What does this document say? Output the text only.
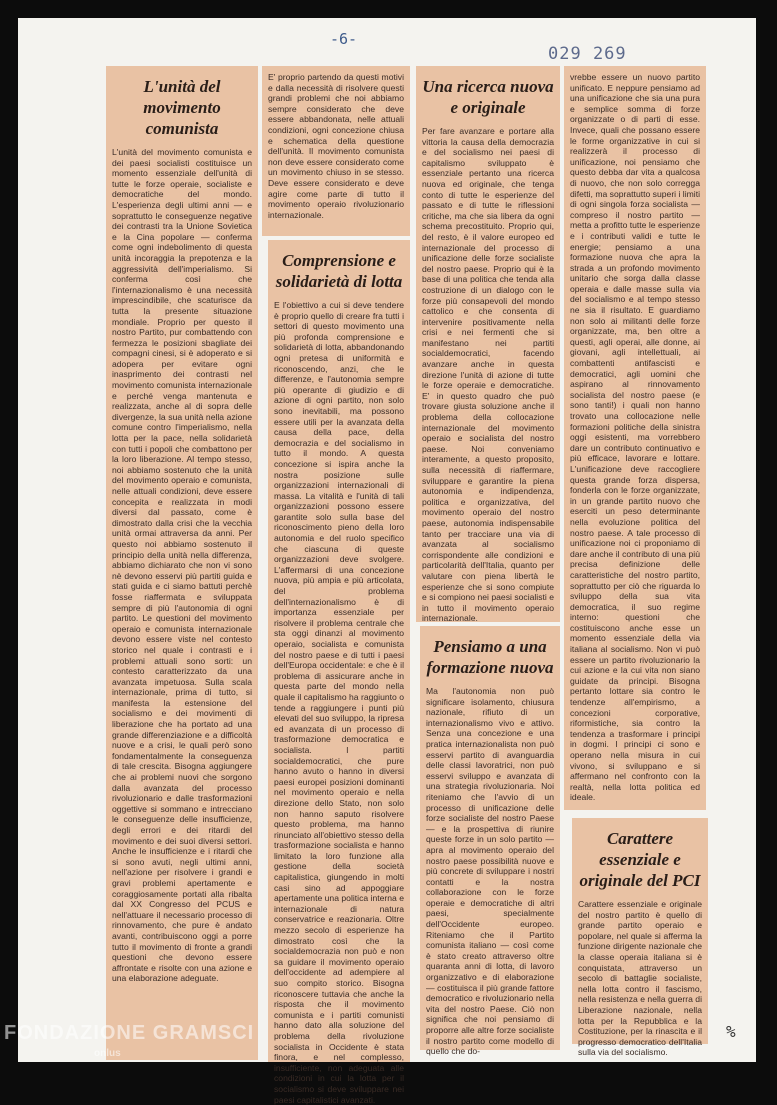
-6-
029 269
%
L'unità del movimento comunista
L'unità del movimento comunista e dei paesi socialisti costituisce un momento essenziale dell'unità di tutte le forze operaie, socialiste e democratiche del mondo. L'esperienza degli ultimi anni — e soprattutto le conseguenze negative dei contrasti tra la Unione Sovietica e la Cina popolare — conferma come ogni indebolimento di questa unità incoraggia la prepotenza e la aggressività dell'imperialismo. Si conferma così che l'internazionalismo è una necessità imprescindibile, che scaturisce da tutta la presente situazione mondiale. Proprio per questo il nostro Partito, pur combattendo con fermezza le posizioni sbagliate dei compagni cinesi, si è adoperato e si adopera per evitare ogni inasprimento dei contrasti nel movimento comunista internazionale e perché venga mantenuta e realizzata, anche al di sopra delle divergenze, la sua unità nella azione comune contro l'imperialismo, nella lotta per la pace, nella solidarietà con tutti i popoli che combattono per la loro liberazione. Al tempo stesso, noi abbiamo sostenuto che la unità del movimento operaio e comunista, nelle attuali condizioni, deve essere concepita e realizzata in modi diversi dal passato, come è dimostrato dalla crisi che la vecchia unità ormai attraversa da anni. Per questo noi abbiamo sostenuto il principio della unità nella differenza, abbiamo dichiarato che non vi sono nè devono esservi più partiti guida e stati guida e ci siamo battuti perchè fosse riaffermata e sviluppata sempre di più l'autonomia di ogni partito. Le questioni del movimento operaio e comunista internazionale devono essere viste nel contesto storico nel quale i contrasti e i problemi attuali sono sorti: un contesto caratterizzato da una avanzata impetuosa. Sulla scala internazionale, prima di tutto, si manifesta la estensione del socialismo e dei movimenti di liberazione che ha portato ad una grande differenziazione e a difficoltà nuove e a crisi, le quali però sono fondamentalmente la conseguenza di tale crescita. Bisogna aggiungere che ai problemi nuovi che sorgono dalla avanzata del processo rivoluzionario e dalle trasformazioni oggettive si sommano e intrecciano le conseguenze delle insufficienze, degli errori e dei ritardi del movimento e dei suoi diversi settori. Anche le insufficienze e i ritardi che si sono avuti, negli ultimi anni, nell'azione per risolvere i grandi e gravi problemi apertamente e coraggiosamente portati alla ribalta dal XX Congresso del PCUS e nell'attuare il necessario processo di rinnovamento, che pure è andato avanti, contribuiscono oggi a porre tutto il movimento di fronte a grandi questioni che devono essere affrontate e risolte con una azione e una elaborazione adeguate.
E' proprio partendo da questi motivi e dalla necessità di risolvere questi grandi problemi che noi abbiamo sempre considerato che deve essere abbandonata, nelle attuali condizioni, ogni concezione chiusa e schematica della questione dell'unità. Il movimento comunista non deve essere considerato come un movimento chiuso in se stesso. Deve essere considerato e deve agire come parte di tutto il movimento operaio rivoluzionario internazionale.
Comprensione e solidarietà di lotta
E l'obiettivo a cui si deve tendere è proprio quello di creare fra tutti i settori di questo movimento una più profonda comprensione e solidarietà di lotta, abbandonando ogni pretesa di uniformità e riconoscendo, anzi, che le differenze, e l'autonomia sempre più operante di giudizio e di azione di ogni partito, non solo sono inevitabili, ma possono essere utili per la avanzata della causa della pace, della democrazia e del socialismo in tutto il mondo. A questa concezione si ispira anche la nostra posizione sulle organizzazioni internazionali di massa. La vitalità e l'unità di tali organizzazioni possono essere garantite solo sulla base del riconoscimento pieno della loro autonomia e del ruolo specifico che ciascuna di queste organizzazioni deve svolgere. L'affermarsi di una concezione nuova, più ampia e più articolata, del problema dell'internazionalismo è di importanza essenziale per risolvere il problema centrale che sta oggi dinanzi al movimento operaio, socialista e comunista del nostro paese e di tutti i paesi dell'Europa occidentale: e che è il problema di assicurare anche in questa parte del mondo nella quale il capitalismo ha raggiunto o tende a raggiungere i punti più elevati del suo sviluppo, la ripresa ed avanzata di un processo di trasformazione democratica e socialista. I partiti socialdemocratici, che pure hanno avuto o hanno in diversi paesi europei posizioni dominanti nel movimento operaio e nella direzione dello Stato, non solo non hanno saputo risolvere questo problema, ma hanno rinunciato all'obiettivo stesso della trasformazione socialista e hanno limitato la loro funzione alla gestione della società capitalistica, giungendo in molti casi sino ad appoggiare apertamente una politica interna e internazionale di natura conservatrice e reazionaria. Oltre mezzo secolo di esperienze ha dimostrato così che la socialdemocrazia non può e non sa guidare il movimento operaio dell'occidente ad adempiere al suo compito storico. Bisogna riconoscere tuttavia che anche la risposta che il movimento comunista e i partiti comunisti hanno dato alla soluzione del problema della rivoluzione socialista in Occidente è stata finora, e nel complesso, insufficiente, non adeguata alle condizioni in cui la lotta per il socialismo si deve sviluppare nei paesi capitalistici avanzati.
Una ricerca nuova e originale
Per fare avanzare e portare alla vittoria la causa della democrazia e del socialismo nei paesi di capitalismo sviluppato è essenziale pertanto una ricerca nuova ed originale, che tenga conto di tutte le esperienze del passato e di tutte le riflessioni critiche, ma che sia libera da ogni schema precostituito. Proprio qui, del resto, è il valore europeo ed internazionale del processo di unificazione delle forze socialiste del nostro paese. Proprio qui è la base di una politica che tenda alla costruzione di un dialogo con le forze più consapevoli del mondo cattolico e che consenta di intervenire positivamente nella crisi e nei fermenti che si manifestano nei partiti socialdemocratici, facendo avanzare anche in questa direzione l'unità di azione di tutte le forze operaie e democratiche. E' in questo quadro che può trovare giusta soluzione anche il problema della collocazione internazionale del movimento operaio e socialista del nostro paese. Noi conveniamo interamente, a questo proposito, sulla necessità di riaffermare, sviluppare e garantire la piena autonomia e indipendenza, politica e organizzativa, del movimento operaio del nostro paese, autonomia indispensabile tanto per tracciare una via di avanzata al socialismo corrispondente alle condizioni e particolarità dell'Italia, quanto per valutare con piena libertà le esperienze che si sono compiute e si compiono nei paesi socialisti e in tutto il movimento operaio internazionale.
Pensiamo a una formazione nuova
Ma l'autonomia non può significare isolamento, chiusura nazionale, rifiuto di un internazionalismo vivo e attivo. Senza una concezione e una pratica internazionalista non può esservi partito di avanguardia delle classi lavoratrici, non può esservi sviluppo e avanzata di una strategia rivoluzionaria. Noi riteniamo che l'avvio di un processo di unificazione delle forze socialiste del nostro Paese — e la prospettiva di riunire queste forze in un solo partito — apra al movimento operaio del nostro paese possibilità nuove e più concrete di sviluppare i nostri contatti e la nostra collaborazione con le forze operaie e democratiche di altri paesi, specialmente dell'Occidente europeo. Riteniamo che il Partito comunista italiano — così come è stato creato attraverso oltre quaranta anni di lotta, di lavoro organizzativo e di elaborazione — costituisca il più grande fattore democratico e rivoluzionario nella vita del nostro Paese. Ciò non significa che noi pensiamo di proporre alle altre forze socialiste il nostro partito come modello di quello che do-
vrebbe essere un nuovo partito unificato. E neppure pensiamo ad una unificazione che sia una pura e semplice somma di forze organizzate o di parti di esse. Invece, quali che possano essere le forme organizzative in cui si realizzerà il processo di unificazione, noi pensiamo che questo debba dar vita a qualcosa di nuovo, che non solo corregga difetti, ma soprattutto superi i limiti di ogni singola forza socialista — compreso il nostro partito — metta a profitto tutte le esperienze e i contributi validi e tutte le energie; pensiamo a una formazione nuova che apra la strada a un profondo movimento unitario che sorga dalla classe operaia e dalle masse sulla via del socialismo e al tempo stesso ne sia il risultato. E guardiamo non solo ai militanti delle forze organizzate, ma, ben oltre a questi, agli operai, alle donne, ai giovani, agli intellettuali, ai combattenti antifascisti e democratici, agli uomini che aspirano al rinnovamento socialista del nostro paese (e sono tanti!) i quali non hanno trovato una collocazione nelle formazioni politiche della sinistra oggi esistenti, ma vorrebbero dare un contributo continuativo e più efficace, lavorare e lottare. L'unificazione deve raccogliere questa grande forza dispersa, fonderla con le forze organizzate, in un grande partito nuovo che eserciti un peso determinante nella evoluzione politica del nostro paese. A tale processo di unificazione noi ci proponiamo di dare anche il contributo di una più precisa definizione delle caratteristiche del nostro partito, soprattutto per ciò che riguarda lo sviluppo della sua vita democratica, il suo regime interno: questioni che costituiscono anche esse un momento essenziale della via italiana al socialismo. Non vi può essere un partito rivoluzionario la cui azione e la cui vita non siano guidate da principi. Bisogna pertanto lottare sia contro le tendenze all'empirismo, a concezioni corporative, riformistiche, sia contro la tendenza a trasformare i principi in dogmi. I principi ci sono e operano nella misura in cui vivono, si sviluppano e si affermano nel confronto con la realtà, nella lotta politica ed ideale.
Carattere essenziale e originale del PCI
Carattere essenziale e originale del nostro partito è quello di grande partito operaio e popolare, nel quale si afferma la funzione dirigente nazionale che la classe operaia italiana si è conquistata, attraverso un secolo di battaglie socialiste, nella lotta contro il fascismo, nella resistenza e nella guerra di Liberazione nazionale, nella lotta per la Repubblica e la Costituzione, per la rinascita e il progresso democratico dell'Italia sulla via del socialismo.
FONDAZIONE GRAMSCI
onlus
